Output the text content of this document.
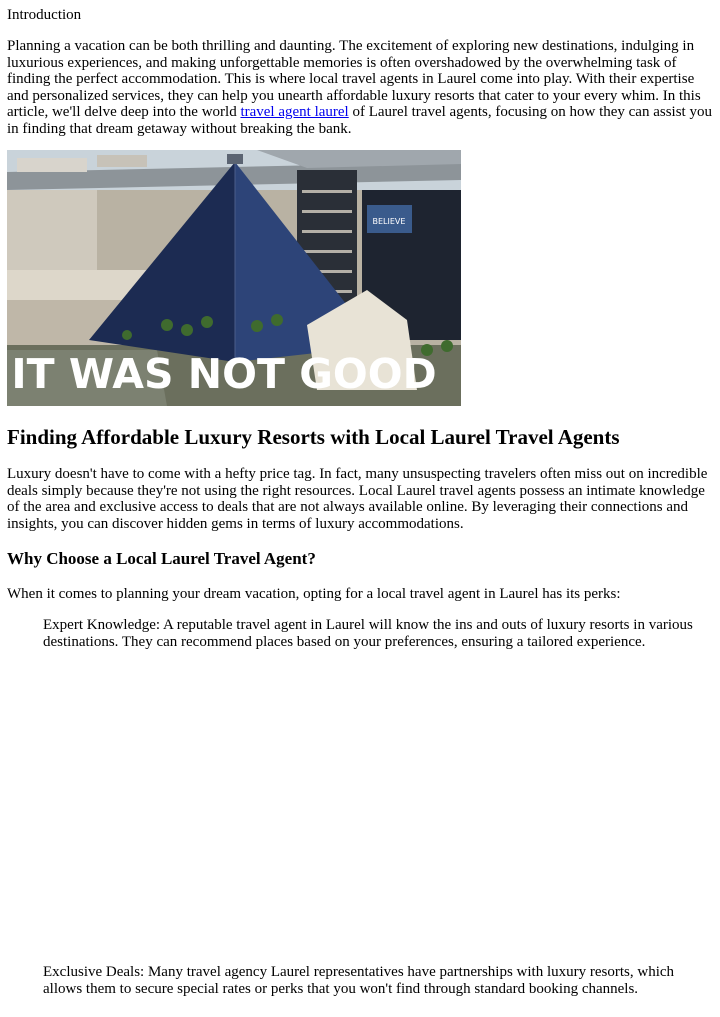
Introduction

Planning a vacation can be both thrilling and daunting. The excitement of exploring new destinations, indulging in luxurious experiences, and making unforgettable memories is often overshadowed by the overwhelming task of finding the perfect accommodation. This is where local travel agents in Laurel come into play. With their expertise and personalized services, they can help you unearth affordable luxury resorts that cater to your every whim. In this article, we'll delve deep into the world travel agent laurel of Laurel travel agents, focusing on how they can assist you in finding that dream getaway without breaking the bank.

BELIEVE
IT WAS NOT GOOD
Finding Affordable Luxury Resorts with Local Laurel Travel Agents

Luxury doesn't have to come with a hefty price tag. In fact, many unsuspecting travelers often miss out on incredible deals simply because they're not using the right resources. Local Laurel travel agents possess an intimate knowledge of the area and exclusive access to deals that are not always available online. By leveraging their connections and insights, you can discover hidden gems in terms of luxury accommodations.

Why Choose a Local Laurel Travel Agent?

When it comes to planning your dream vacation, opting for a local travel agent in Laurel has its perks:

Expert Knowledge: A reputable travel agent in Laurel will know the ins and outs of luxury resorts in various destinations. They can recommend places based on your preferences, ensuring a tailored experience.

Exclusive Deals: Many travel agency Laurel representatives have partnerships with luxury resorts, which allows them to secure special rates or perks that you won't find through standard booking channels.
